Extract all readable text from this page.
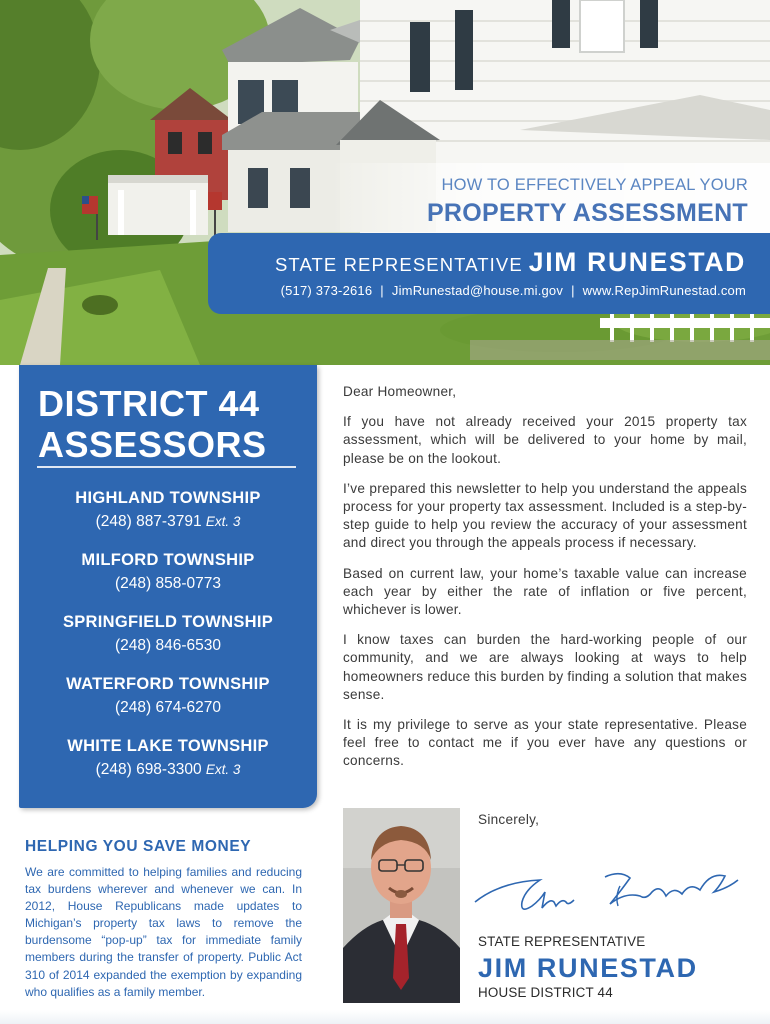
HOW TO EFFECTIVELY APPEAL YOUR
PROPERTY ASSESSMENT
STATE REPRESENTATIVE JIM RUNESTAD
(517) 373-2616 | JimRunestad@house.mi.gov | www.RepJimRunestad.com
DISTRICT 44
ASSESSORS
HIGHLAND TOWNSHIP
(248) 887-3791 Ext. 3
MILFORD TOWNSHIP
(248) 858-0773
SPRINGFIELD TOWNSHIP
(248) 846-6530
WATERFORD TOWNSHIP
(248) 674-6270
WHITE LAKE TOWNSHIP
(248) 698-3300 Ext. 3
HELPING YOU SAVE MONEY

We are committed to helping families and reducing tax burdens wherever and whenever we can. In 2012, House Republicans made updates to Michigan’s property tax laws to remove the burdensome “pop-up” tax for immediate family members during the transfer of property. Public Act 310 of 2014 expanded the exemption by expanding who qualifies as a family member.

Dear Homeowner,

If you have not already received your 2015 property tax assessment, which will be delivered to your home by mail, please be on the lookout.

I’ve prepared this newsletter to help you understand the appeals process for your property tax assessment. Included is a step-by-step guide to help you review the accuracy of your assessment and direct you through the appeals process if necessary.

Based on current law, your home’s taxable value can increase each year by either the rate of inflation or five percent, whichever is lower.

I know taxes can burden the hard-working people of our community, and we are always looking at ways to help homeowners reduce this burden by finding a solution that makes sense.

It is my privilege to serve as your state representative. Please feel free to contact me if you ever have any questions or concerns.

Sincerely,
STATE REPRESENTATIVE
JIM RUNESTAD
HOUSE DISTRICT 44
